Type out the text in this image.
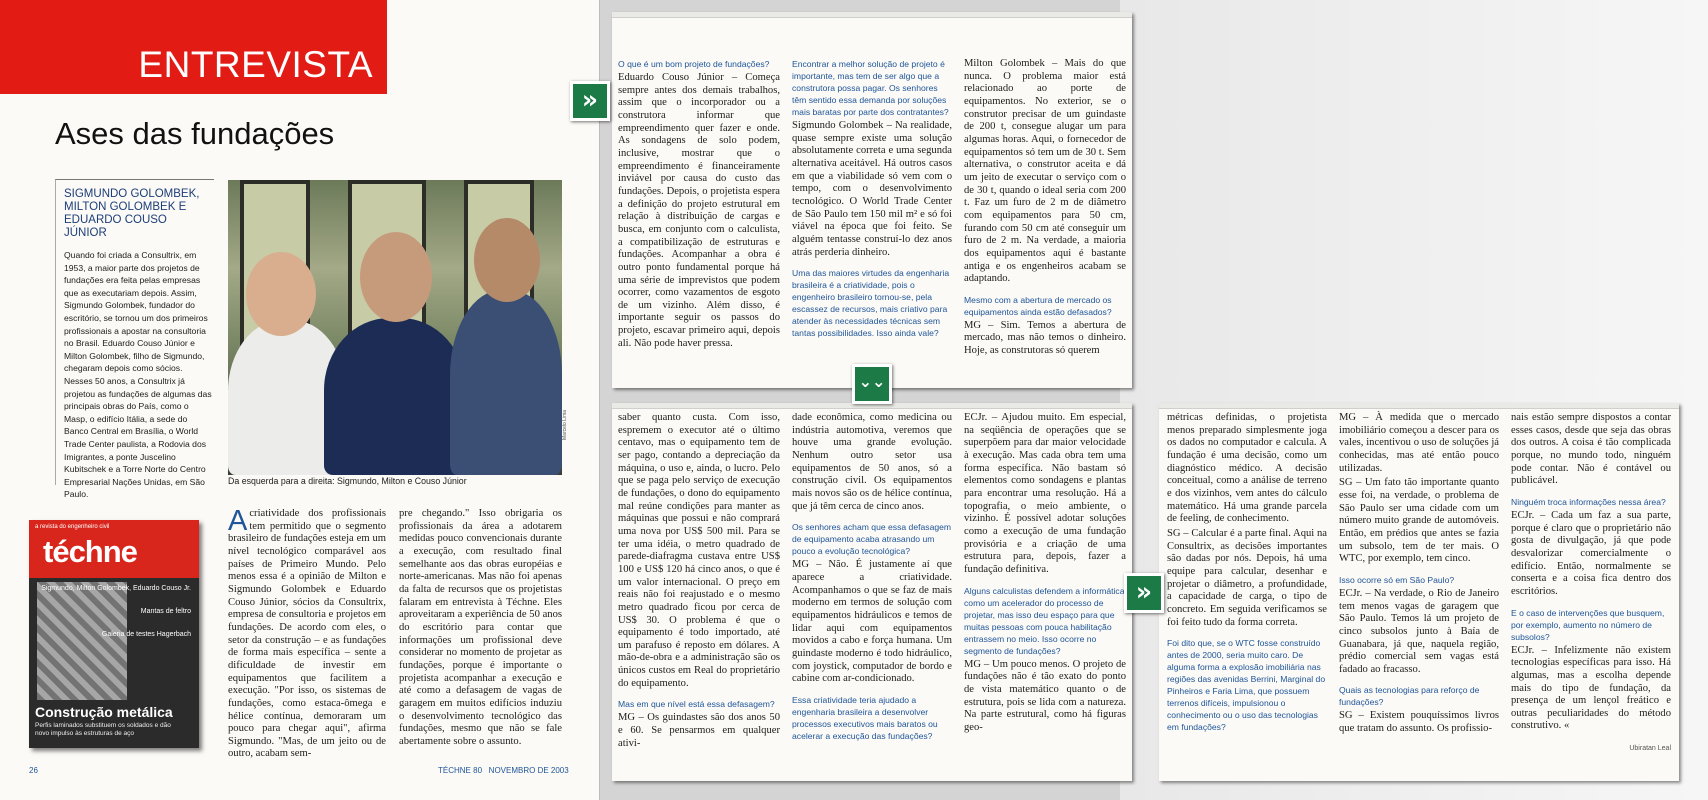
ENTREVISTA
Ases das fundações
SIGMUNDO GOLOMBEK, MILTON GOLOMBEK E EDUARDO COUSO JÚNIOR

Quando foi criada a Consultrix, em 1953, a maior parte dos projetos de fundações era feita pelas empresas que as executariam depois. Assim, Sigmundo Golombek, fundador do escritório, se tornou um dos primeiros profissionais a apostar na consultoria no Brasil. Eduardo Couso Júnior e Milton Golombek, filho de Sigmundo, chegaram depois como sócios. Nesses 50 anos, a Consultrix já projetou as fundações de algumas das principais obras do País, como o Masp, o edifício Itália, a sede do Banco Central em Brasília, o World Trade Center paulista, a Rodovia dos Imigrantes, a ponte Juscelino Kubitschek e a Torre Norte do Centro Empresarial Nações Unidas, em São Paulo.

Marcelo Lima
Da esquerda para a direita: Sigmundo, Milton e Couso Júnior
a revista do engenheiro civil
téchne
Sigmundo, Milton Golombek, Eduardo Couso Jr.
Mantas de feltro
Galeria de testes Hagerbach
Construção metálica
Perfis laminados substituem os soldados e dão novo impulso às estruturas de aço
Acriatividade dos profissionais tem permitido que o segmento brasileiro de fundações esteja em um nível tecnológico comparável aos países de Primeiro Mundo. Pelo menos essa é a opinião de Milton e Sigmundo Golombek e Eduardo Couso Júnior, sócios da Consultrix, empresa de consultoria e projetos em fundações. De acordo com eles, o setor da construção – e as fundações de forma mais específica – sente a dificuldade de investir em equipamentos que facilitem a execução. "Por isso, os sistemas de fundações, como estaca-ômega e hélice contínua, demoraram um pouco para chegar aqui", afirma Sigmundo. "Mas, de um jeito ou de outro, acabam sem-
pre chegando." Isso obrigaria os profissionais da área a adotarem medidas pouco convencionais durante a execução, com resultado final semelhante aos das obras européias e norte-americanas. Mas não foi apenas da falta de recursos que os projetistas falaram em entrevista à Téchne. Eles aproveitaram a experiência de 50 anos do escritório para contar que informações um profissional deve considerar no momento de projetar as fundações, porque é importante o projetista acompanhar a execução e até como a defasagem de vagas de garagem em muitos edifícios induziu o desenvolvimento tecnológico das fundações, mesmo que não se fale abertamente sobre o assunto.
26	TÉCHNE 80   NOVEMBRO DE 2003
O que é um bom projeto de fundações?
Eduardo Couso Júnior – Começa sempre antes dos demais trabalhos, assim que o incorporador ou a construtora informar que empreendimento quer fazer e onde. As sondagens de solo podem, inclusive, mostrar que o empreendimento é financeiramente inviável por causa do custo das fundações. Depois, o projetista espera a definição do projeto estrutural em relação à distribuição de cargas e busca, em conjunto com o calculista, a compatibilização de estruturas e fundações. Acompanhar a obra é outro ponto fundamental porque há uma série de imprevistos que podem ocorrer, como vazamentos de esgoto de um vizinho. Além disso, é importante seguir os passos do projeto, escavar primeiro aqui, depois ali. Não pode haver pressa.
Encontrar a melhor solução de projeto é importante, mas tem de ser algo que a construtora possa pagar. Os senhores têm sentido essa demanda por soluções mais baratas por parte dos contratantes?
Sigmundo Golombek – Na realidade, quase sempre existe uma solução absolutamente correta e uma segunda alternativa aceitável. Há outros casos em que a viabilidade só vem com o tempo, com o desenvolvimento tecnológico. O World Trade Center de São Paulo tem 150 mil m² e só foi viável na época que foi feito. Se alguém tentasse construí-lo dez anos atrás perderia dinheiro.
Uma das maiores virtudes da engenharia brasileira é a criatividade, pois o engenheiro brasileiro tornou-se, pela escassez de recursos, mais criativo para atender às necessidades técnicas sem tantas possibilidades. Isso ainda vale?
Milton Golombek – Mais do que nunca. O problema maior está relacionado ao porte de equipamentos. No exterior, se o construtor precisar de um guindaste de 200 t, consegue alugar um para algumas horas. Aqui, o fornecedor de equipamentos só tem um de 30 t. Sem alternativa, o construtor aceita e dá um jeito de executar o serviço com o de 30 t, quando o ideal seria com 200 t. Faz um furo de 2 m de diâmetro com equipamentos para 50 cm, furando com 50 cm até conseguir um furo de 2 m. Na verdade, a maioria dos equipamentos aqui é bastante antiga e os engenheiros acabam se adaptando.
Mesmo com a abertura de mercado os equipamentos ainda estão defasados?
MG – Sim. Temos a abertura de mercado, mas não temos o dinheiro. Hoje, as construtoras só querem
saber quanto custa. Com isso, espremem o executor até o último centavo, mas o equipamento tem de ser pago, contando a depreciação da máquina, o uso e, ainda, o lucro. Pelo que se paga pelo serviço de execução de fundações, o dono do equipamento mal reúne condições para manter as máquinas que possui e não comprará uma nova por US$ 500 mil. Para se ter uma idéia, o metro quadrado de parede-diafragma custava entre US$ 100 e US$ 120 há cinco anos, o que é um valor internacional. O preço em reais não foi reajustado e o mesmo metro quadrado ficou por cerca de US$ 30. O problema é que o equipamento é todo importado, até um parafuso é reposto em dólares. A mão-de-obra e a administração são os únicos custos em Real do proprietário do equipamento.
Mas em que nível está essa defasagem?
MG – Os guindastes são dos anos 50 e 60. Se pensarmos em qualquer ativi-
dade econômica, como medicina ou indústria automotiva, veremos que houve uma grande evolução. Nenhum outro setor usa equipamentos de 50 anos, só a construção civil. Os equipamentos mais novos são os de hélice contínua, que já têm cerca de cinco anos.
Os senhores acham que essa defasagem de equipamento acaba atrasando um pouco a evolução tecnológica?
MG – Não. É justamente aí que aparece a criatividade. Acompanhamos o que se faz de mais moderno em termos de solução com equipamentos hidráulicos e temos de lidar aqui com equipamentos movidos a cabo e força humana. Um guindaste moderno é todo hidráulico, com joystick, computador de bordo e cabine com ar-condicionado.
Essa criatividade teria ajudado a engenharia brasileira a desenvolver processos executivos mais baratos ou acelerar a execução das fundações?
ECJr. – Ajudou muito. Em especial, na seqüência de operações que se superpõem para dar maior velocidade à execução. Mas cada obra tem uma forma específica. Não bastam só elementos como sondagens e plantas para encontrar uma resolução. Há a topografia, o meio ambiente, o vizinho. É possível adotar soluções como a execução de uma fundação provisória e a criação de uma estrutura para, depois, fazer a fundação definitiva.
Alguns calculistas defendem a informática como um acelerador do processo de projetar, mas isso deu espaço para que muitas pessoas com pouca habilitação entrassem no meio. Isso ocorre no segmento de fundações?
MG – Um pouco menos. O projeto de fundações não é tão exato do ponto de vista matemático quanto o de estrutura, pois se lida com a natureza. Na parte estrutural, como há figuras geo-
métricas definidas, o projetista menos preparado simplesmente joga os dados no computador e calcula. A fundação é uma decisão, como um diagnóstico médico. A decisão conceitual, como a análise de terreno e dos vizinhos, vem antes do cálculo matemático. Há uma grande parcela de feeling, de conhecimento.
SG – Calcular é a parte final. Aqui na Consultrix, as decisões importantes são dadas por nós. Depois, há uma equipe para calcular, desenhar e projetar o diâmetro, a profundidade, a capacidade de carga, o tipo de concreto. Em seguida verificamos se foi feito tudo da forma correta.
Foi dito que, se o WTC fosse construído antes de 2000, seria muito caro. De alguma forma a explosão imobiliária nas regiões das avenidas Berrini, Marginal do Pinheiros e Faria Lima, que possuem terrenos difíceis, impulsionou o conhecimento ou o uso das tecnologias em fundações?
MG – À medida que o mercado imobiliário começou a descer para os vales, incentivou o uso de soluções já conhecidas, mas até então pouco utilizadas.
SG – Um fato tão importante quanto esse foi, na verdade, o problema de São Paulo ser uma cidade com um número muito grande de automóveis. Então, em prédios que antes se fazia um subsolo, tem de ter mais. O WTC, por exemplo, tem cinco.
Isso ocorre só em São Paulo?
ECJr. – Na verdade, o Rio de Janeiro tem menos vagas de garagem que São Paulo. Temos lá um projeto de cinco subsolos junto à Baía de Guanabara, já que, naquela região, prédio comercial sem vagas está fadado ao fracasso.
Quais as tecnologias para reforço de fundações?
SG – Existem pouquíssimos livros que tratam do assunto. Os profissio-
nais estão sempre dispostos a contar esses casos, desde que seja das obras dos outros. A coisa é tão complicada porque, no mundo todo, ninguém pode contar. Não é contável ou publicável.
Ninguém troca informações nessa área?
ECJr. – Cada um faz a sua parte, porque é claro que o proprietário não gosta de divulgação, já que pode desvalorizar comercialmente o edifício. Então, normalmente se conserta e a coisa fica dentro dos escritórios.
E o caso de intervenções que busquem, por exemplo, aumento no número de subsolos?
ECJr. – Infelizmente não existem tecnologias específicas para isso. Há algumas, mas a escolha depende mais do tipo de fundação, da presença de um lençol freático e outras peculiaridades do método construtivo. «
Ubiratan Leal
»
⌄⌄
»
